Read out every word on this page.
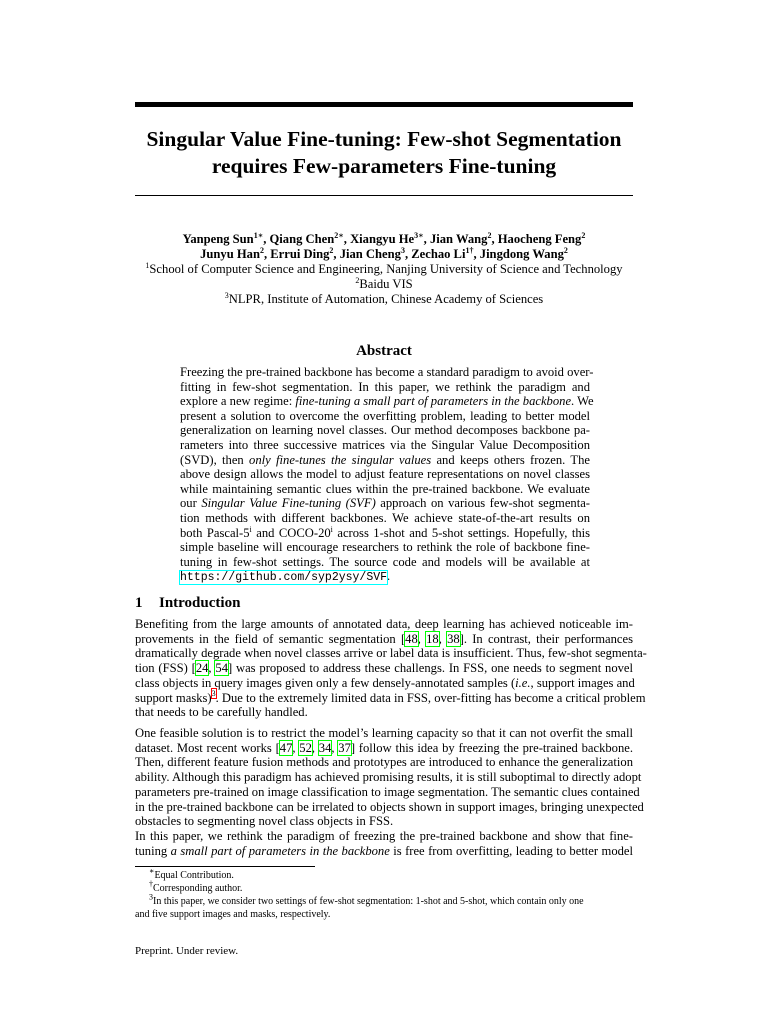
Singular Value Fine-tuning: Few-shot Segmentation
requires Few-parameters Fine-tuning
Yanpeng Sun$^{1∗}$, Qiang Chen$^{2∗}$, Xiangyu $He^{3∗}$, Jian Wang$^2$, Haocheng Feng$^2$
Junyu Han$^2$, Errui Ding$^2$, Jian Cheng$^3$, Zechao $Li^{1\dagger}$, Jingdong Wang$^2$
$^1$School of Computer Science and Engineering, Nanjing University of Science and Technology
$^2$Baidu VIS
$^3$NLPR, Institute of Automation, Chinese Academy of Sciences
Abstract
Freezing the pre-trained backbone has become a standard paradigm to avoid over-
fitting in few-shot segmentation. In this paper, we rethink the paradigm and
explore a new regime: fine-tuning a small part of parameters in the backbone. We
present a solution to overcome the overfitting problem, leading to better model
generalization on learning novel classes. Our method decomposes backbone pa-
rameters into three successive matrices via the Singular Value Decomposition
(SVD), then only fine-tunes the singular values and keeps others frozen. The
above design allows the model to adjust feature representations on novel classes
while maintaining semantic clues within the pre-trained backbone. We evaluate
our Singular Value Fine-tuning (SVF) approach on various few-shot segmenta-
tion methods with different backbones. We achieve state-of-the-art results on
both Pascal-5$^i$ and COCO-20$^i$ across 1-shot and 5-shot settings. Hopefully, this
simple baseline will encourage researchers to rethink the role of backbone fine-
tuning in few-shot settings. The source code and models will be available at
https://github.com/syp2ysy/SVF.
1 Introduction
Benefiting from the large amounts of annotated data, deep learning has achieved noticeable im-
provements in the field of semantic segmentation [48, 18, 38]. In contrast, their performances
dramatically degrade when novel classes arrive or label data is insufficient. Thus, few-shot segmenta-
tion (FSS) [24, 54] was proposed to address these challengs. In FSS, one needs to segment novel
class objects in query images given only a few densely-annotated samples (i.e., support images and
support masks)$^3$. Due to the extremely limited data in FSS, over-fitting has become a critical problem
that needs to be carefully handled.
One feasible solution is to restrict the model’s learning capacity so that it can not overfit the small
dataset. Most recent works [47, 52, 34, 37] follow this idea by freezing the pre-trained backbone.
Then, different feature fusion methods and prototypes are introduced to enhance the generalization
ability. Although this paradigm has achieved promising results, it is still suboptimal to directly adopt
parameters pre-trained on image classification to image segmentation. The semantic clues contained
in the pre-trained backbone can be irrelated to objects shown in support images, bringing unexpected
obstacles to segmenting novel class objects in FSS.
In this paper, we rethink the paradigm of freezing the pre-trained backbone and show that fine-
tuning a small part of parameters in the backbone is free from overfitting, leading to better model
∗Equal Contribution.
†Corresponding author.
$^3$In this paper, we consider two settings of few-shot segmentation: 1-shot and 5-shot, which contain only one
and five support images and masks, respectively.
Preprint. Under review.
